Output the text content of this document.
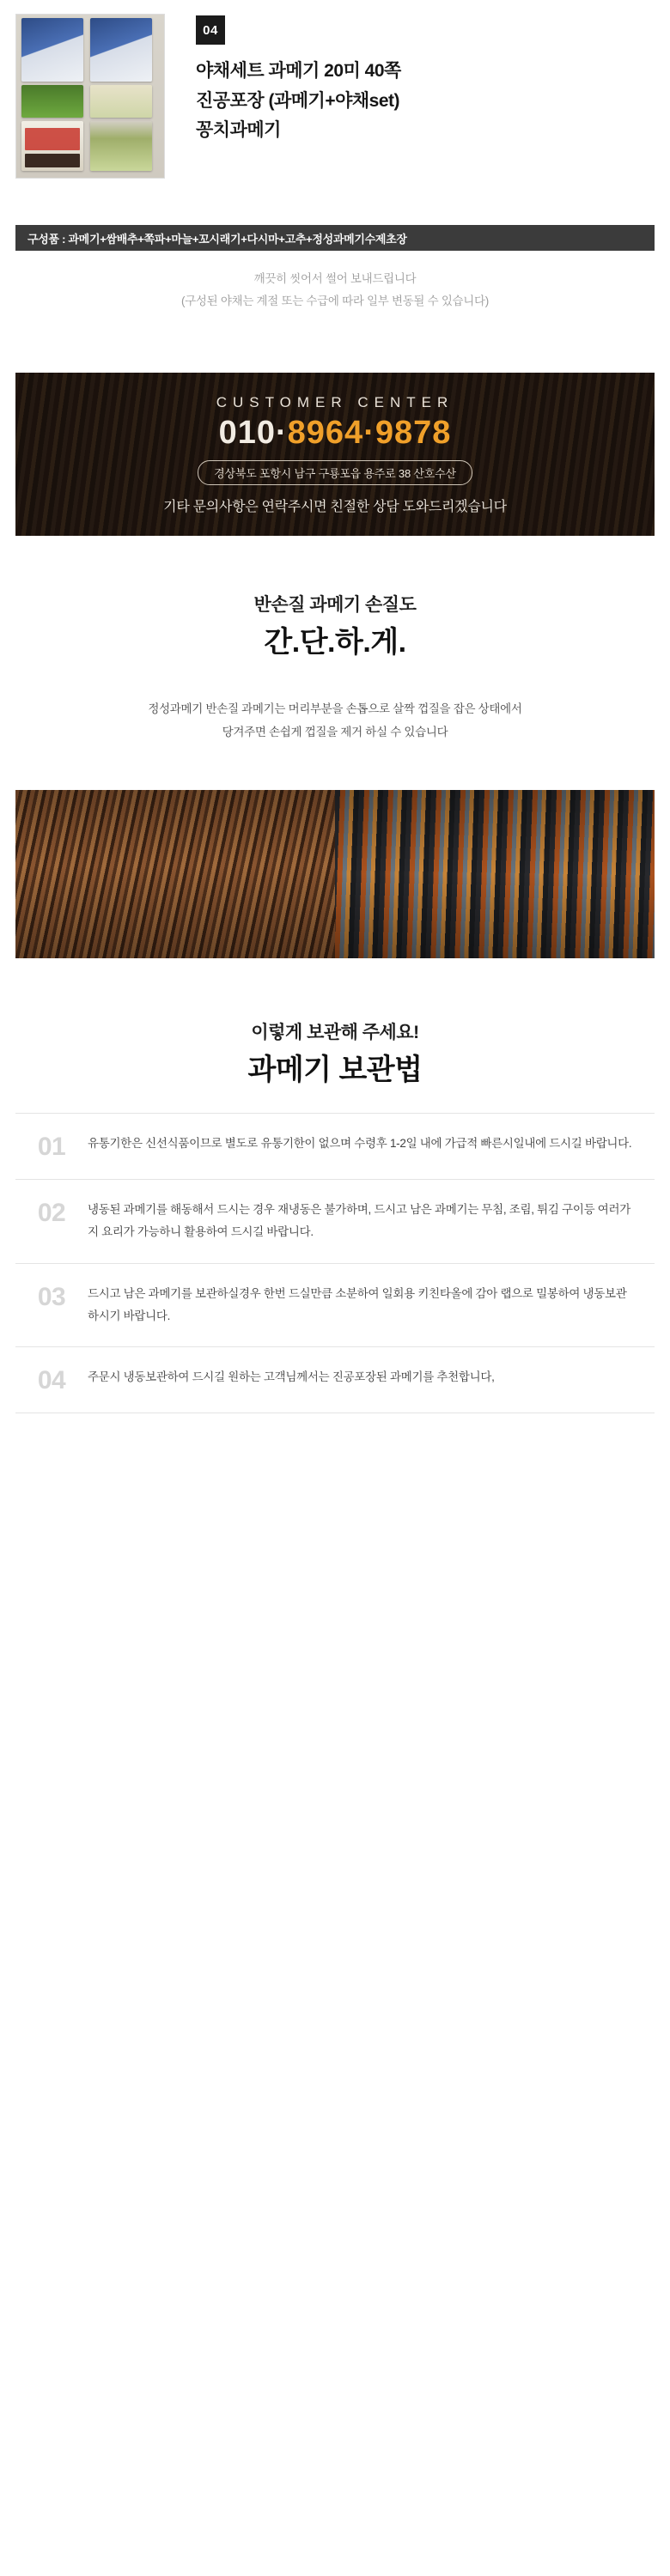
04
야채세트 과메기 20미 40쪽
진공포장 (과메기+야채set)
꽁치과메기
구성품 : 과메기+쌈배추+쪽파+마늘+꼬시래기+다시마+고추+정성과메기수제초장
깨끗히 씻어서 썰어 보내드립니다
(구성된 야채는 계절 또는 수급에 따라 일부 변동될 수 있습니다)
CUSTOMER CENTER
010·8964·9878
경상북도 포항시 남구 구룡포읍 용주로 38 산호수산
기타 문의사항은 연락주시면 친절한 상담 도와드리겠습니다
반손질 과메기 손질도
간.단.하.게.
정성과메기 반손질 과메기는 머리부분을 손톱으로 살짝 껍질을 잡은 상태에서
당겨주면 손쉽게 껍질을 제거 하실 수 있습니다
이렇게 보관해 주세요!
과메기 보관법
01	유통기한은 신선식품이므로 별도로 유통기한이 없으며 수령후 1-2일 내에 가급적 빠른시일내에 드시길 바랍니다.
02	냉동된 과메기를 해동해서 드시는 경우 재냉동은 불가하며, 드시고 남은 과메기는 무침, 조림, 튀김 구이등 여러가지 요리가 가능하니 활용하여 드시길 바랍니다.
03	드시고 남은 과메기를 보관하실경우 한번 드실만큼 소분하여 일회용 키친타올에 감아 랩으로 밀봉하여 냉동보관하시기 바랍니다.
04	주문시 냉동보관하여 드시길 원하는 고객님께서는 진공포장된 과메기를 추천합니다,
